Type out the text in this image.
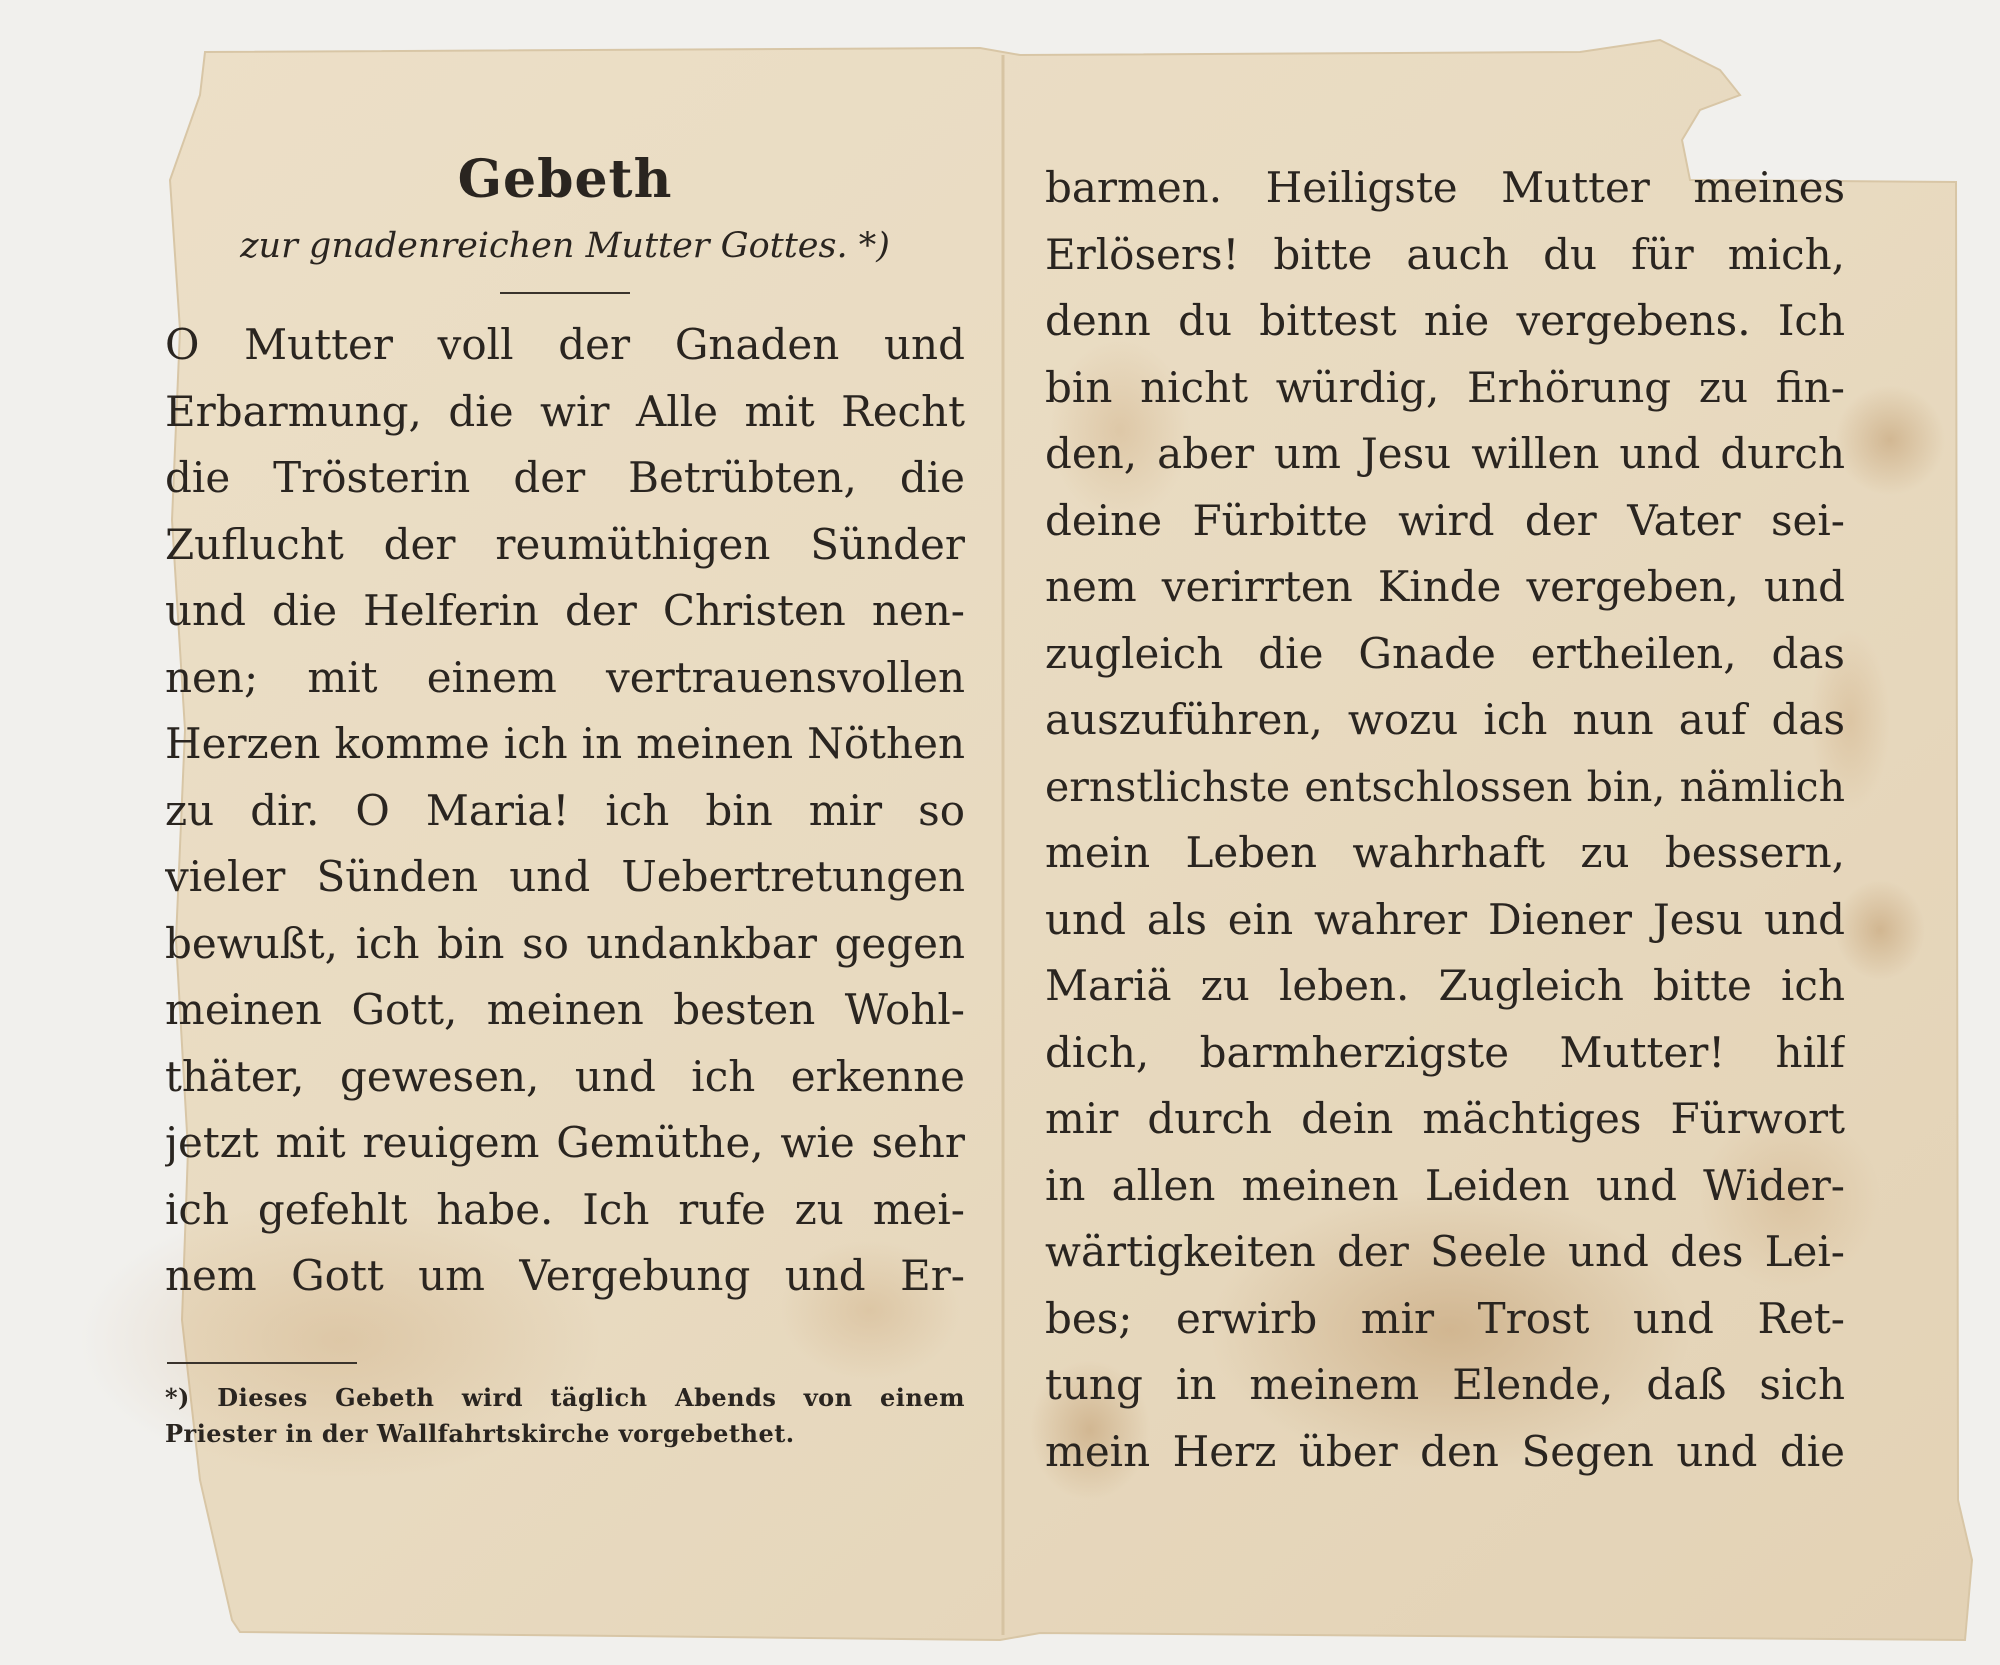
Gebeth
zur gnadenreichen Mutter Gottes. *)
O Mutter voll der Gnaden und
Erbarmung, die wir Alle mit Recht
die Trösterin der Betrübten, die
Zuflucht der reumüthigen Sünder
und die Helferin der Christen nen-
nen; mit einem vertrauensvollen
Herzen komme ich in meinen Nöthen
zu dir. O Maria! ich bin mir so
vieler Sünden und Uebertretungen
bewußt, ich bin so undankbar gegen
meinen Gott, meinen besten Wohl-
thäter, gewesen, und ich erkenne
jetzt mit reuigem Gemüthe, wie sehr
ich gefehlt habe. Ich rufe zu mei-
nem Gott um Vergebung und Er-
*) Dieses Gebeth wird täglich Abends von einem
Priester in der Wallfahrtskirche vorgebethet.
barmen. Heiligste Mutter meines
Erlösers! bitte auch du für mich,
denn du bittest nie vergebens. Ich
bin nicht würdig, Erhörung zu fin-
den, aber um Jesu willen und durch
deine Fürbitte wird der Vater sei-
nem verirrten Kinde vergeben, und
zugleich die Gnade ertheilen, das
auszuführen, wozu ich nun auf das
ernstlichste entschlossen bin, nämlich
mein Leben wahrhaft zu bessern,
und als ein wahrer Diener Jesu und
Mariä zu leben. Zugleich bitte ich
dich, barmherzigste Mutter! hilf
mir durch dein mächtiges Fürwort
in allen meinen Leiden und Wider-
wärtigkeiten der Seele und des Lei-
bes; erwirb mir Trost und Ret-
tung in meinem Elende, daß sich
mein Herz über den Segen und die
